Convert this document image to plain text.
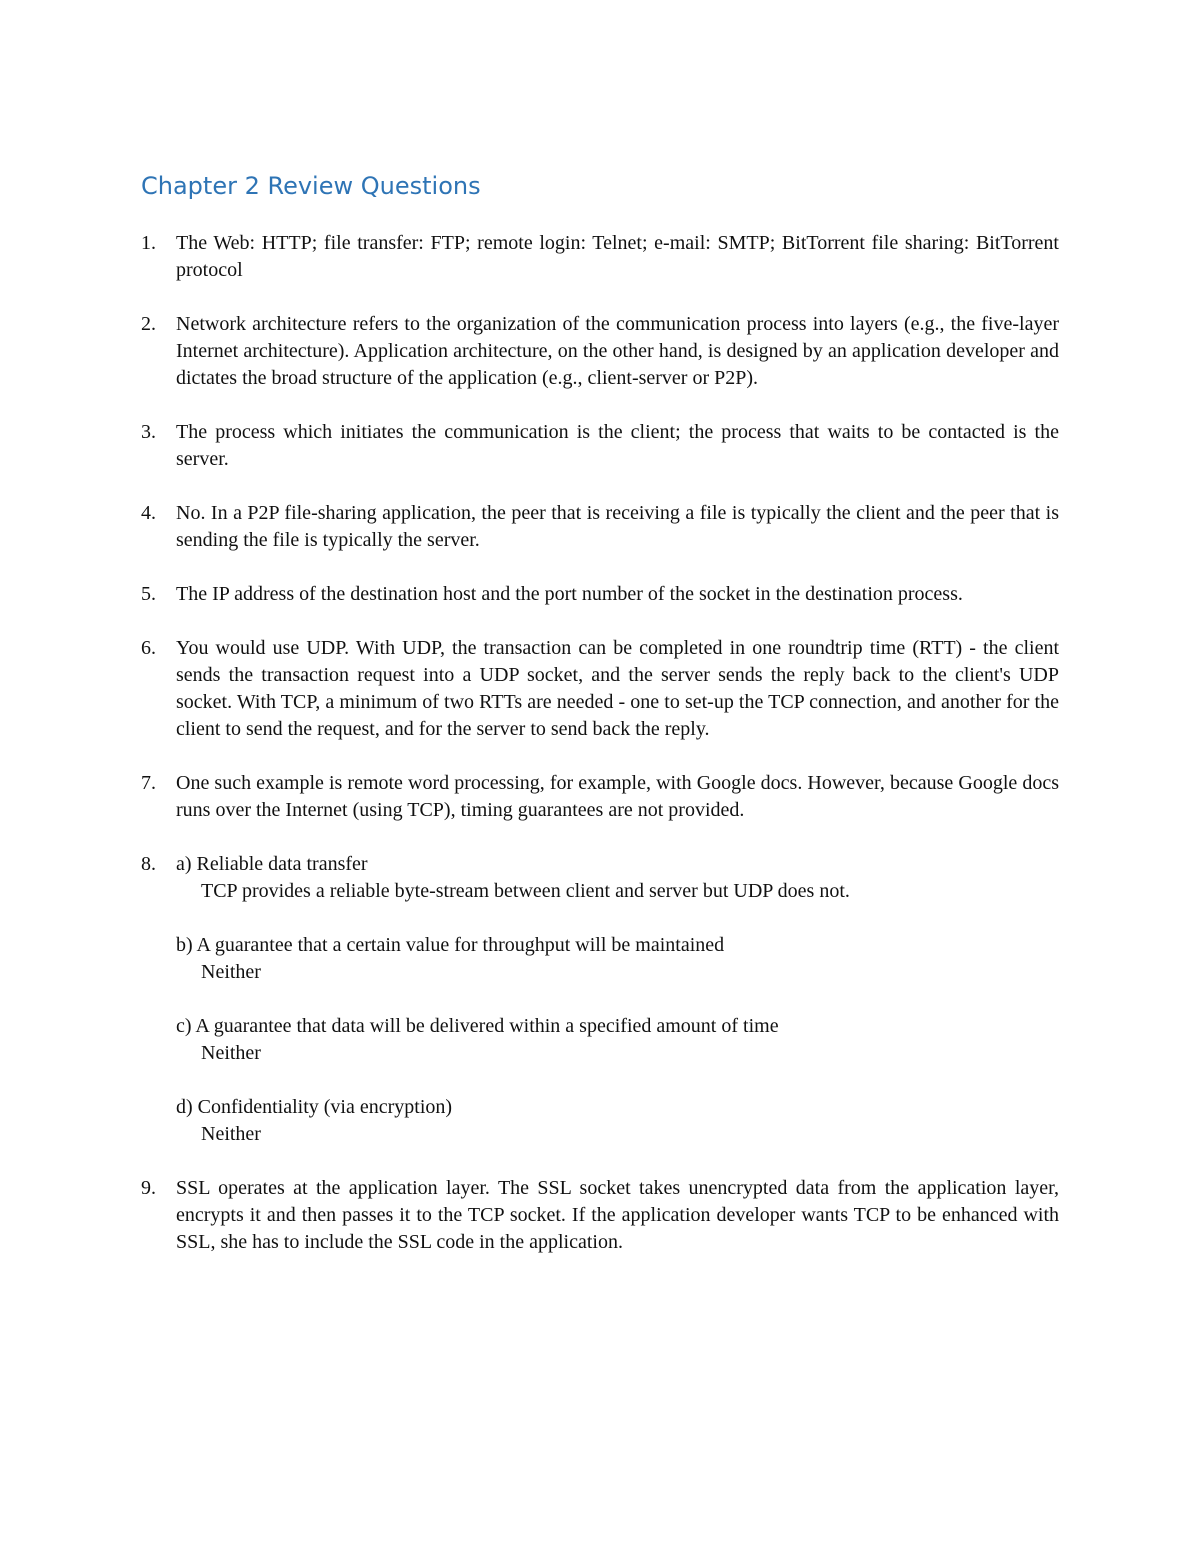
Chapter 2 Review Questions
1. The Web: HTTP; file transfer: FTP; remote login: Telnet; e-mail: SMTP; BitTorrent file sharing: BitTorrent protocol
2. Network architecture refers to the organization of the communication process into layers (e.g., the five-layer Internet architecture). Application architecture, on the other hand, is designed by an application developer and dictates the broad structure of the application (e.g., client-server or P2P).
3. The process which initiates the communication is the client; the process that waits to be contacted is the server.
4. No. In a P2P file-sharing application, the peer that is receiving a file is typically the client and the peer that is sending the file is typically the server.
5. The IP address of the destination host and the port number of the socket in the destination process.
6. You would use UDP. With UDP, the transaction can be completed in one roundtrip time (RTT) - the client sends the transaction request into a UDP socket, and the server sends the reply back to the client's UDP socket. With TCP, a minimum of two RTTs are needed - one to set-up the TCP connection, and another for the client to send the request, and for the server to send back the reply.
7. One such example is remote word processing, for example, with Google docs. However, because Google docs runs over the Internet (using TCP), timing guarantees are not provided.
8. a) Reliable data transfer
TCP provides a reliable byte-stream between client and server but UDP does not.
b) A guarantee that a certain value for throughput will be maintained
Neither
c) A guarantee that data will be delivered within a specified amount of time
Neither
d) Confidentiality (via encryption)
Neither
9. SSL operates at the application layer. The SSL socket takes unencrypted data from the application layer, encrypts it and then passes it to the TCP socket. If the application developer wants TCP to be enhanced with SSL, she has to include the SSL code in the application.
